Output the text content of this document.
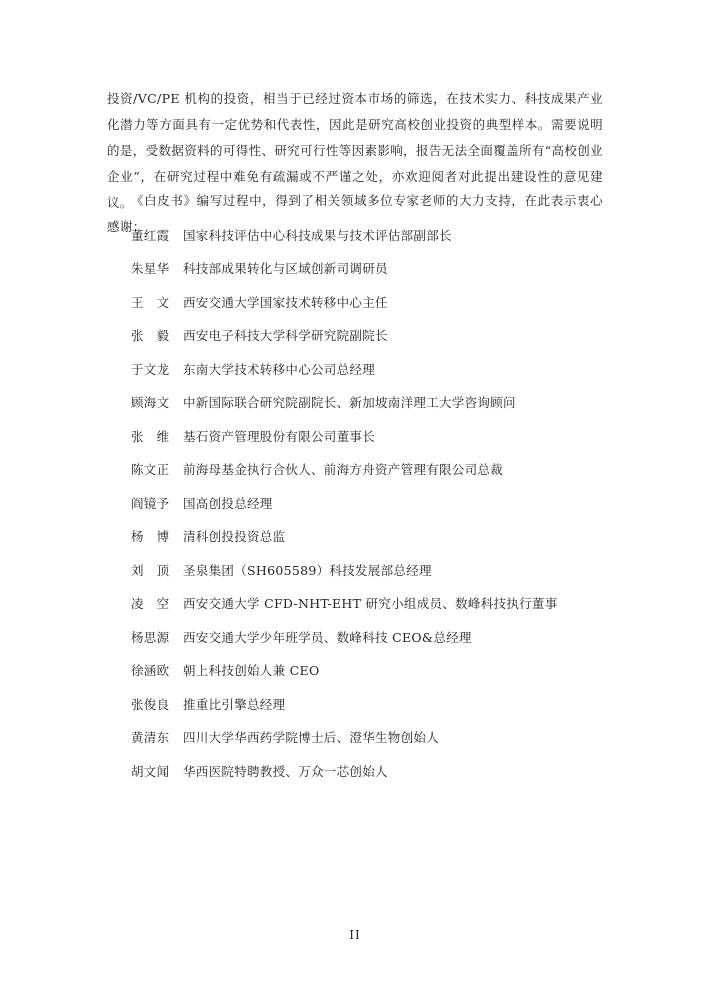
投资/VC/PE 机构的投资，相当于已经过资本市场的筛选，在技术实力、科技成果产业化潜力等方面具有一定优势和代表性，因此是研究高校创业投资的典型样本。需要说明的是，受数据资料的可得性、研究可行性等因素影响，报告无法全面覆盖所有“高校创业企业”，在研究过程中难免有疏漏或不严谨之处，亦欢迎阅者对此提出建设性的意见建议。

《白皮书》编写过程中，得到了相关领域多位专家老师的大力支持，在此表示衷心感谢：

董红霞	国家科技评估中心科技成果与技术评估部副部长
朱星华	科技部成果转化与区域创新司调研员
王　文	西安交通大学国家技术转移中心主任
张　毅	西安电子科技大学科学研究院副院长
于文龙	东南大学技术转移中心公司总经理
顾海文	中新国际联合研究院副院长、新加坡南洋理工大学咨询顾问
张　维	基石资产管理股份有限公司董事长
陈文正	前海母基金执行合伙人、前海方舟资产管理有限公司总裁
阎镜予	国高创投总经理
杨　博	清科创投投资总监
刘　顶	圣泉集团（SH605589）科技发展部总经理
凌　空	西安交通大学 CFD-NHT-EHT 研究小组成员、数峰科技执行董事
杨思源	西安交通大学少年班学员、数峰科技 CEO&总经理
徐涵欧	朝上科技创始人兼 CEO
张俊良	推重比引擎总经理
黄清东	四川大学华西药学院博士后、澄华生物创始人
胡文闻	华西医院特聘教授、万众一芯创始人
II
